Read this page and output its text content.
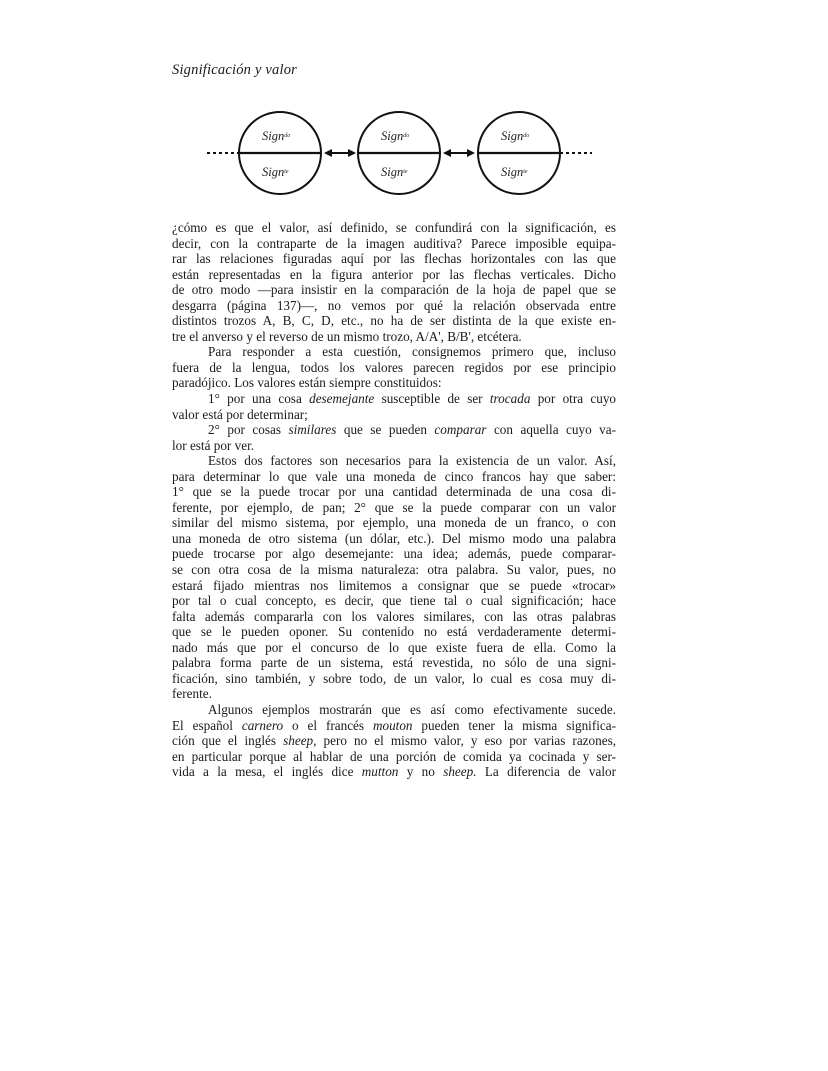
Significación y valor
Sign$^{do}$
Sign$^{te}$
Sign$^{do}$
Sign$^{te}$
Sign$^{do}$
Sign$^{te}$
¿cómo es que el valor, así definido, se confundirá con la significación, es
decir, con la contraparte de la imagen auditiva? Parece imposible equipa-
rar las relaciones figuradas aquí por las flechas horizontales con las que
están representadas en la figura anterior por las flechas verticales. Dicho
de otro modo —para insistir en la comparación de la hoja de papel que se
desgarra (página 137)—, no vemos por qué la relación observada entre
distintos trozos A, B, C, D, etc., no ha de ser distinta de la que existe en-
tre el anverso y el reverso de un mismo trozo, A/A', B/B', etcétera.
Para responder a esta cuestión, consignemos primero que, incluso
fuera de la lengua, todos los valores parecen regidos por ese principio
paradójico. Los valores están siempre constituidos:
1° por una cosa desemejante susceptible de ser trocada por otra cuyo
valor está por determinar;
2° por cosas similares que se pueden comparar con aquella cuyo va-
lor está por ver.
Estos dos factores son necesarios para la existencia de un valor. Así,
para determinar lo que vale una moneda de cinco francos hay que saber:
1° que se la puede trocar por una cantidad determinada de una cosa di-
ferente, por ejemplo, de pan; 2° que se la puede comparar con un valor
similar del mismo sistema, por ejemplo, una moneda de un franco, o con
una moneda de otro sistema (un dólar, etc.). Del mismo modo una palabra
puede trocarse por algo desemejante: una idea; además, puede comparar-
se con otra cosa de la misma naturaleza: otra palabra. Su valor, pues, no
estará fijado mientras nos limitemos a consignar que se puede «trocar»
por tal o cual concepto, es decir, que tiene tal o cual significación; hace
falta además compararla con los valores similares, con las otras palabras
que se le pueden oponer. Su contenido no está verdaderamente determi-
nado más que por el concurso de lo que existe fuera de ella. Como la
palabra forma parte de un sistema, está revestida, no sólo de una signi-
ficación, sino también, y sobre todo, de un valor, lo cual es cosa muy di-
ferente.
Algunos ejemplos mostrarán que es así como efectivamente sucede.
El español carnero o el francés mouton pueden tener la misma significa-
ción que el inglés sheep, pero no el mismo valor, y eso por varias razones,
en particular porque al hablar de una porción de comida ya cocinada y ser-
vida a la mesa, el inglés dice mutton y no sheep. La diferencia de valor
